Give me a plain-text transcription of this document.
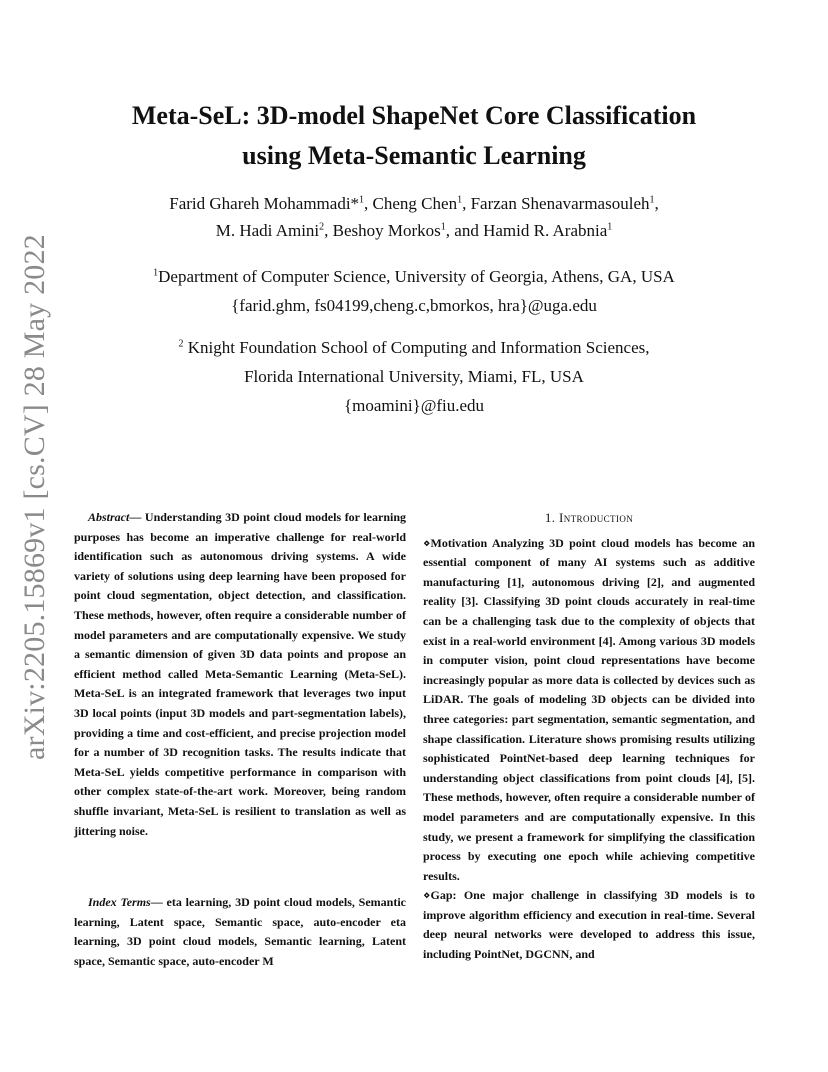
arXiv:2205.15869v1 [cs.CV] 28 May 2022
Meta-SeL: 3D-model ShapeNet Core Classification
using Meta-Semantic Learning
Farid Ghareh Mohammadi*$^1$, Cheng Chen$^1$, Farzan Shenavarmasouleh$^1$,
M. Hadi Amini$^2$, Beshoy Morkos$^1$, and Hamid R. Arabnia$^1$
$^1$Department of Computer Science, University of Georgia, Athens, GA, USA
{farid.ghm, fs04199,cheng.c,bmorkos, hra}@uga.edu
$^2$ Knight Foundation School of Computing and Information Sciences,
Florida International University, Miami, FL, USA
{moamini}@fiu.edu

Abstract— Understanding 3D point cloud models for learning purposes has become an imperative challenge for real-world identification such as autonomous driving systems. A wide variety of solutions using deep learning have been proposed for point cloud segmentation, object detection, and classification. These methods, however, often require a considerable number of model parameters and are computationally expensive. We study a semantic dimension of given 3D data points and propose an efficient method called Meta-Semantic Learning (Meta-SeL). Meta-SeL is an integrated framework that leverages two input 3D local points (input 3D models and part-segmentation labels), providing a time and cost-efficient, and precise projection model for a number of 3D recognition tasks. The results indicate that Meta-SeL yields competitive performance in comparison with other complex state-of-the-art work. Moreover, being random shuffle invariant, Meta-SeL is resilient to translation as well as jittering noise.

Index Terms— eta learning, 3D point cloud models, Semantic learning, Latent space, Semantic space, auto-encoder eta learning, 3D point cloud models, Semantic learning, Latent space, Semantic space, auto-encoder M

1. Introduction

⋄Motivation Analyzing 3D point cloud models has become an essential component of many AI systems such as additive manufacturing [1], autonomous driving [2], and augmented reality [3]. Classifying 3D point clouds accurately in real-time can be a challenging task due to the complexity of objects that exist in a real-world environment [4]. Among various 3D models in computer vision, point cloud representations have become increasingly popular as more data is collected by devices such as LiDAR. The goals of modeling 3D objects can be divided into three categories: part segmentation, semantic segmentation, and shape classification. Literature shows promising results utilizing sophisticated PointNet-based deep learning techniques for understanding object classifications from point clouds [4], [5]. These methods, however, often require a considerable number of model parameters and are computationally expensive. In this study, we present a framework for simplifying the classification process by executing one epoch while achieving competitive results.

⋄Gap: One major challenge in classifying 3D models is to improve algorithm efficiency and execution in real-time. Several deep neural networks were developed to address this issue, including PointNet, DGCNN, and
